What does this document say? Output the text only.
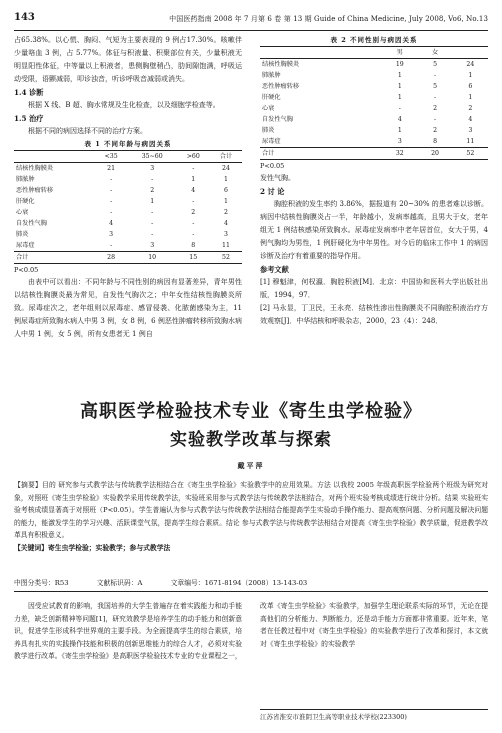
143	中国医药指南 2008 年 7 月第 6 卷 第 13 期 Guide of China Medicine, July 2008, Vo6, No.13

占65.38%。以心慌、胸闷、气短为主要表现的 9 例占17.30%。咳嗽伴少量咯血 3 例，占 5.77%。体征与积液量、积聚部位有关，少量积液无明显阳性体征，中等量以上积液者，患侧胸壁稍凸，肋间隙饱满，呼吸运动受限，语颤减弱，叩诊浊音，听诊呼吸音减弱或消失。

1.4 诊断

根据 X 线、B 超、胸水常规及生化检查，以及细胞学检查等。

1.5 治疗

根据不同的病因选择不同的治疗方案。

表 1 不同年龄与病因关系
	<35	35~60	>60	合计
结核性胸膜炎	21	3	-	24
肺脓肿	-	-	1	1
恶性肿瘤转移	-	2	4	6
肝硬化	-	1	-	1
心衰	-	-	2	2
自发性气胸	4	-	-	4
肺炎	3	-	-	3
尿毒症	-	3	8	11
合计	28	10	15	52
P<0.05

由表中可以看出：不同年龄与不同性别的病因有显著差异，青年男性以结核性胸膜炎最为常见，自发性气胸次之；中年女性结核性胸膜炎所致。尿毒症次之，老年组则以尿毒症、感冒侵袭、化脓菌感染为主，11 例尿毒症所致胸水病人中男 3 例，女 8 例，6 例恶性肿瘤转移所致胸水病人中男 1 例，女 5 例，所有女患者无 1 例自

表 2 不同性别与病因关系
	男	女	
结核性胸膜炎	19	5	24
肺脓肿	1	-	1
恶性肿瘤转移	1	5	6
肝硬化	1	-	1
心衰	-	2	2
自发性气胸	4	-	4
肺炎	1	2	3
尿毒症	3	8	11
合计	32	20	52
P<0.05

发性气胸。

2 讨 论

胸腔积液的发生率约 3.86%，据报道有 20~30% 的患者难以诊断。病因中结核性胸膜炎占一半，年龄越小，发病率越高，且男大于女，老年组无 1 例结核感染所致胸水。尿毒症发病率中老年居首位，女大于男，4 例气胸均为男性，1 例肝硬化为中年男性。对今后的临床工作中 1 的病因诊断及治疗有着重要的指导作用。

参考文献

[1] 穆魁津，何权瀛．胸腔积液[M]．北京：中国协和医科大学出版社出版，1994，97．

[2] 马永显，丁卫民，王永亮．结核性渗出性胸膜炎不同胸腔积液治疗方效观察[J]．中华结核和呼吸杂志，2000，23（4）：248．

高职医学检验技术专业《寄生虫学检验》
实验教学改革与探索
戴平萍
【摘要】目的 研究参与式教学法与传统教学法相结合在《寄生虫学检验》实验教学中的应用效果。方法 以我校 2005 年级高职医学检验两个班级为研究对象，对照班《寄生虫学检验》实验教学采用传统教学法，实验班采用参与式教学法与传统教学法相结合，对两个班实验考核成绩进行统计分析。结果 实验班实验考核成绩显著高于对照班（P<0.05）。学生普遍认为参与式教学法与传统教学法相结合能提高学生实验动手操作能力、提高观察问题、分析问题及解决问题的能力，能激发学生的学习兴趣、活跃课堂气氛，提高学生综合素质。结论 参与式教学法与传统教学法相结合对提高《寄生虫学检验》教学质量，促进教学改革具有积极意义。
【关键词】寄生虫学检验；实验教学；参与式教学法
中图分类号：R53	文献标识码：A	文章编号：1671-8194（2008）13-143-03

因受应试教育的影响，我国培养的大学生普遍存在着实践能力和动手能力差，缺乏创新精神等问题[1]，研究效教学是培养学生的动手能力和创新意识，促进学生形成科学世界观的主要手段。为全面提高学生的综合素质，培养具有扎实的实践操作技能和积极的创新思维能力的综合人才，必须对实验教学进行改革。《寄生虫学检验》是高职医学检验技术专业的专业课程之一，

改革《寄生虫学检验》实验教学，加强学生理论联系实际的环节，无论在提高他们的分析能力、判断能力，还是动手能力方面都非常重要。近年来，笔者在任教过程中对《寄生虫学检验》的实验教学进行了改革和探讨，本文就对《寄生虫学检验》的实验教学

江苏省淮安市淮阴卫生高等职业技术学校(223300)
